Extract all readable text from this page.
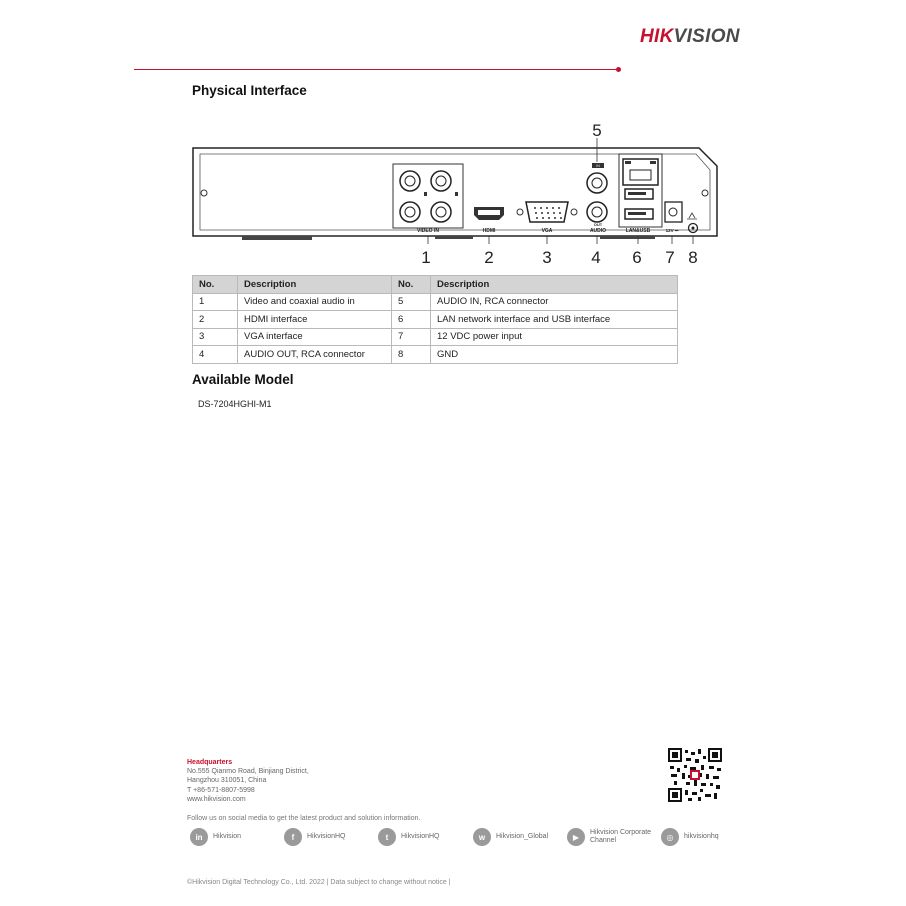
HIKVISION
Physical Interface
VIDEO IN	HDMI	VGA
IN
OUT
AUDIO	LAN&USB	12V ⎓
1	2	3 4
5
6 7 8
No.	Description	No.	Description
1	Video and coaxial audio in	5	AUDIO IN, RCA connector
2	HDMI interface	6	LAN network interface and USB interface
3	VGA interface	7	12 VDC power input
4	AUDIO OUT, RCA connector	8	GND
Available Model
DS-7204HGHI-M1
Headquarters
No.555 Qianmo Road, Binjiang District,
Hangzhou 310051, China
T +86-571-8807-5998
www.hikvision.com
Follow us on social media to get the latest product and solution information.
in	Hikvision	f	HikvisionHQ	t	HikvisionHQ	w	Hikvision_Global	▶	Hikvision Corporate Channel	◎	hikvisionhq
©Hikvision Digital Technology Co., Ltd. 2022 | Data subject to change without notice |
